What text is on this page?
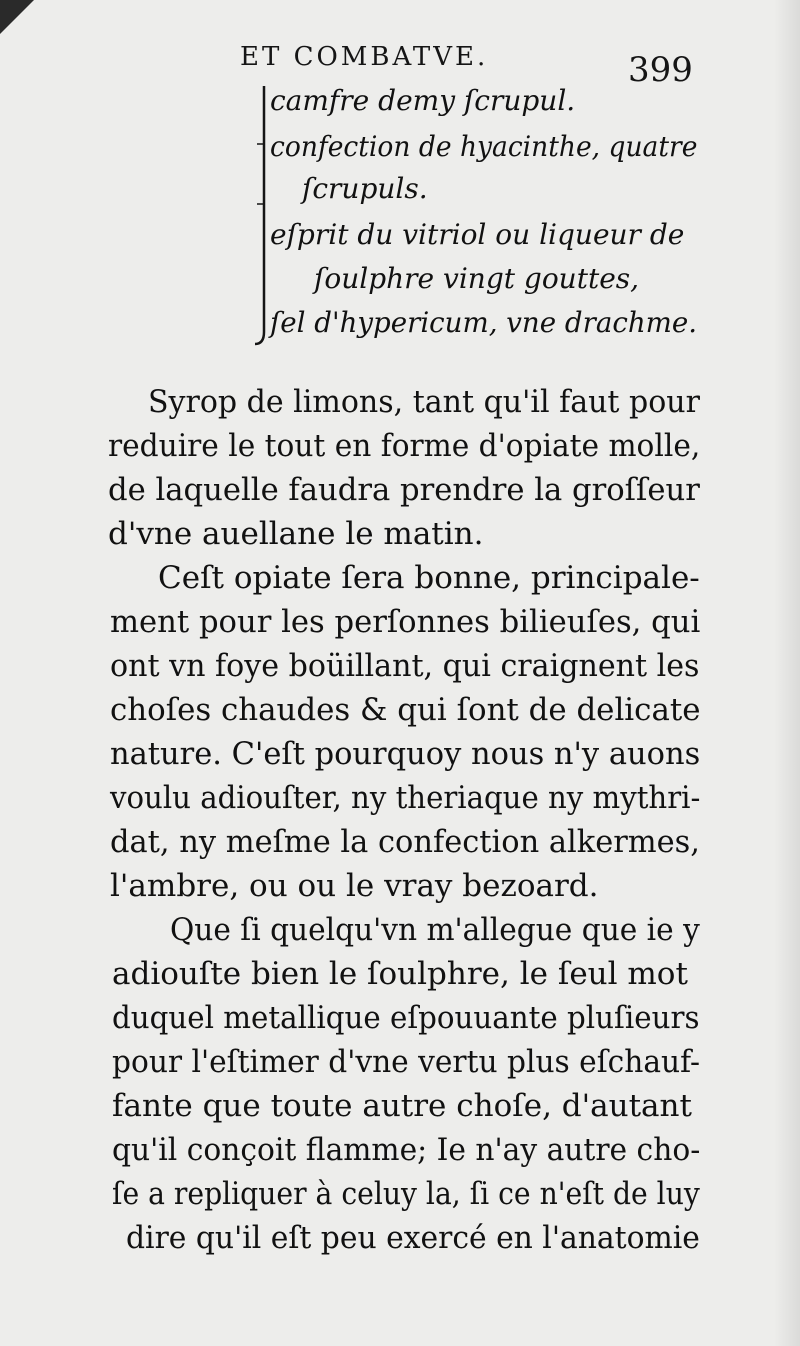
ET COMBATVE.	399
camfre demy ſcrupul.
confection de hyacinthe, quatre
ſcrupuls.
eſprit du vitriol ou liqueur de
ſoulphre vingt gouttes,
ſel d'hypericum, vne drachme.
Syrop de limons, tant qu'il faut pour
reduire le tout en forme d'opiate molle,
de laquelle faudra prendre la groſſeur
d'vne auellane le matin.
Ceſt opiate ſera bonne, principale-
ment pour les perſonnes bilieuſes, qui
ont vn foye boüillant, qui craignent les
choſes chaudes & qui ſont de delicate
nature. C'eſt pourquoy nous n'y auons
voulu adiouſter, ny theriaque ny mythri-
dat, ny meſme la confection alkermes,
l'ambre, ou ou le vray bezoard.
Que ſi quelqu'vn m'allegue que ie y
adiouſte bien le ſoulphre, le ſeul mot
duquel metallique eſpouuante pluſieurs
pour l'eſtimer d'vne vertu plus eſchauf-
fante que toute autre choſe, d'autant
qu'il conçoit flamme; Ie n'ay autre cho-
ſe a repliquer à celuy la, ſi ce n'eſt de luy
dire qu'il eſt peu exercé en l'anatomie
